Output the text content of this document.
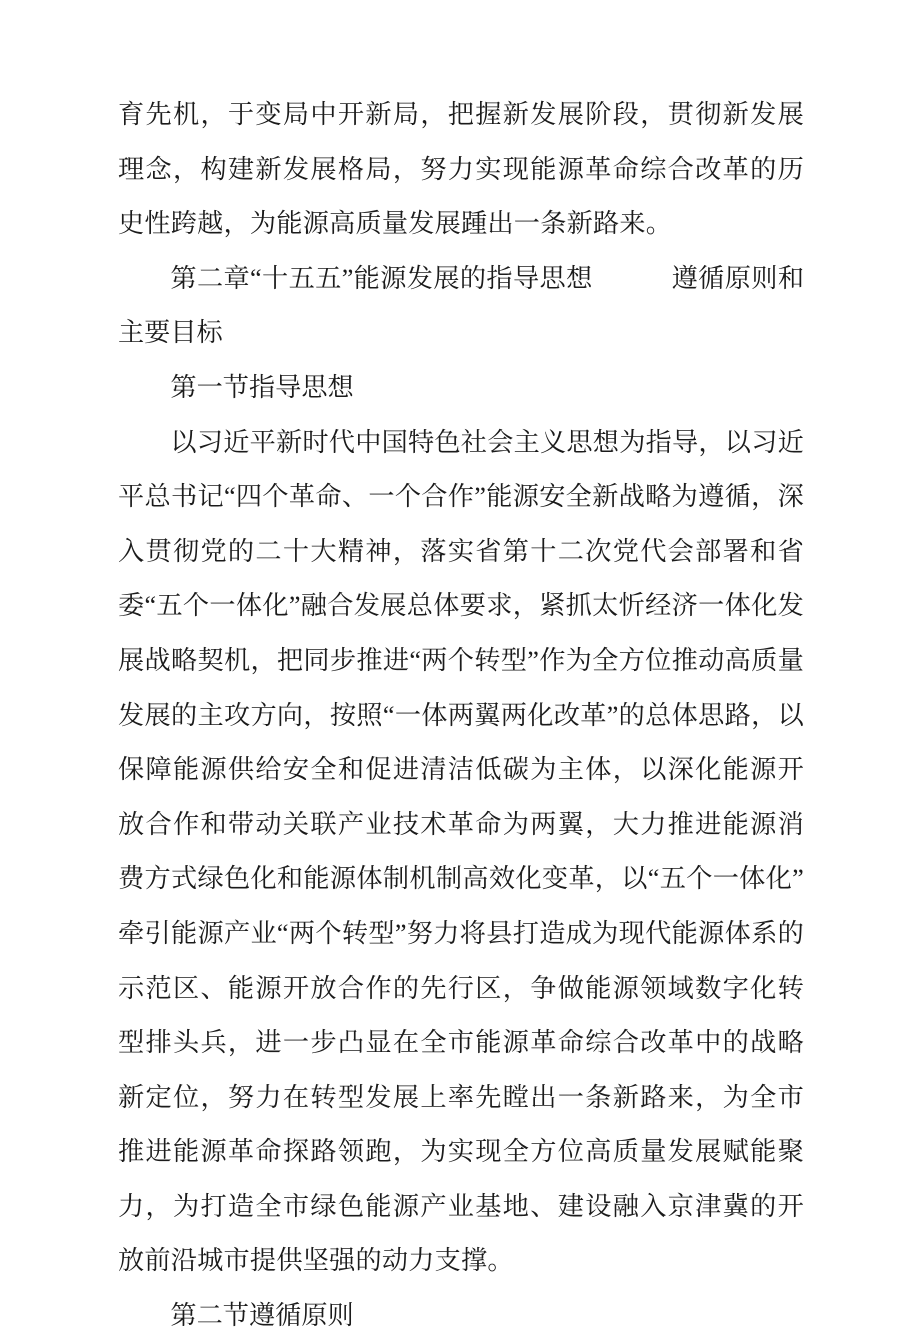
育先机，于变局中开新局，把握新发展阶段，贯彻新发展理念，构建新发展格局，努力实现能源革命综合改革的历史性跨越，为能源高质量发展踵出一条新路来。

第二章“十五五”能源发展的指导思想	遵循原则和主要目标

第一节指导思想

以习近平新时代中国特色社会主义思想为指导，以习近平总书记“四个革命、一个合作”能源安全新战略为遵循，深入贯彻党的二十大精神，落实省第十二次党代会部署和省委“五个一体化”融合发展总体要求，紧抓太忻经济一体化发展战略契机，把同步推进“两个转型”作为全方位推动高质量发展的主攻方向，按照“一体两翼两化改革”的总体思路，以保障能源供给安全和促进清洁低碳为主体，以深化能源开放合作和带动关联产业技术革命为两翼，大力推进能源消费方式绿色化和能源体制机制高效化变革，以“五个一体化”牵引能源产业“两个转型”努力将县打造成为现代能源体系的示范区、能源开放合作的先行区，争做能源领域数字化转型排头兵，进一步凸显在全市能源革命综合改革中的战略新定位，努力在转型发展上率先瞠出一条新路来，为全市推进能源革命探路领跑，为实现全方位高质量发展赋能聚力，为打造全市绿色能源产业基地、建设融入京津冀的开放前沿城市提供坚强的动力支撑。

第二节遵循原则
